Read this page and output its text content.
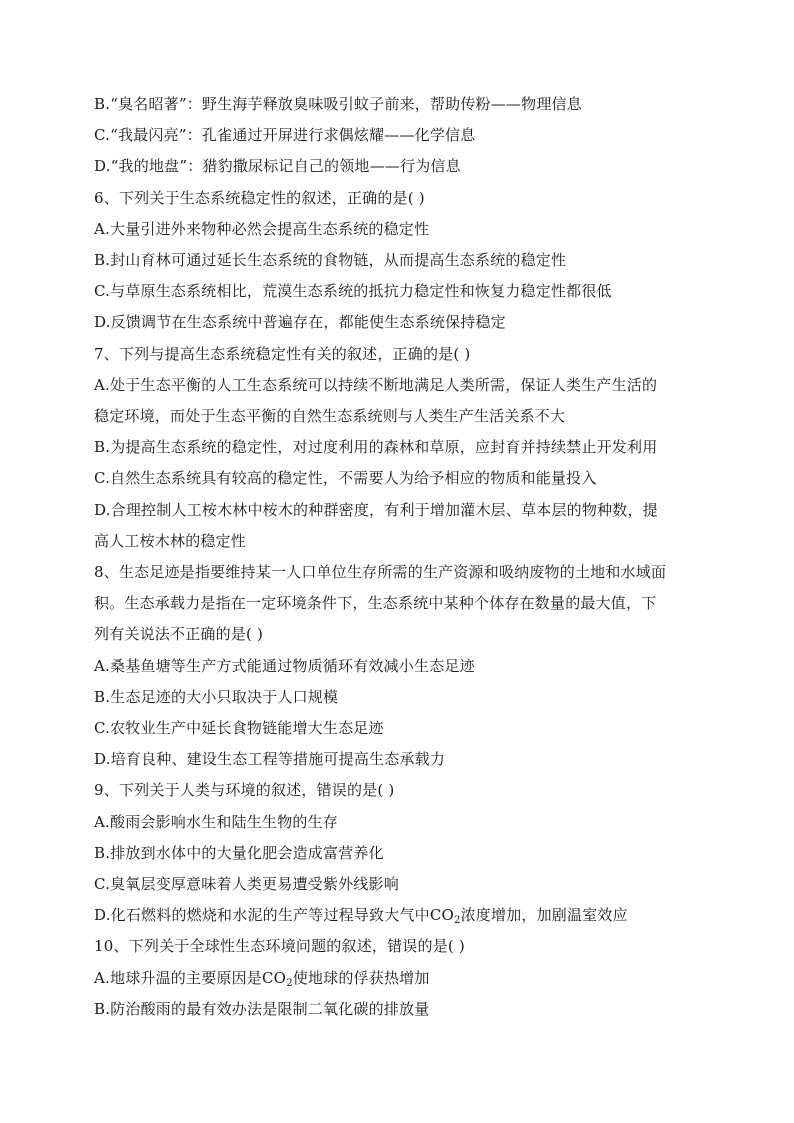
B.“臭名昭著”：野生海芋释放臭味吸引蚊子前来，帮助传粉——物理信息
C.“我最闪亮”：孔雀通过开屏进行求偶炫耀——化学信息
D.“我的地盘”：猎豹撒尿标记自己的领地——行为信息
6、下列关于生态系统稳定性的叙述，正确的是( )
A.大量引进外来物种必然会提高生态系统的稳定性
B.封山育林可通过延长生态系统的食物链，从而提高生态系统的稳定性
C.与草原生态系统相比，荒漠生态系统的抵抗力稳定性和恢复力稳定性都很低
D.反馈调节在生态系统中普遍存在，都能使生态系统保持稳定
7、下列与提高生态系统稳定性有关的叙述，正确的是( )
A.处于生态平衡的人工生态系统可以持续不断地满足人类所需，保证人类生产生活的
稳定环境，而处于生态平衡的自然生态系统则与人类生产生活关系不大
B.为提高生态系统的稳定性，对过度利用的森林和草原，应封育并持续禁止开发利用
C.自然生态系统具有较高的稳定性，不需要人为给予相应的物质和能量投入
D.合理控制人工桉木林中桉木的种群密度，有利于增加灌木层、草本层的物种数，提
高人工桉木林的稳定性
8、生态足迹是指要维持某一人口单位生存所需的生产资源和吸纳废物的土地和水域面
积。生态承载力是指在一定环境条件下，生态系统中某种个体存在数量的最大值，下
列有关说法不正确的是( )
A.桑基鱼塘等生产方式能通过物质循环有效减小生态足迹
B.生态足迹的大小只取决于人口规模
C.农牧业生产中延长食物链能增大生态足迹
D.培育良种、建设生态工程等措施可提高生态承载力
9、下列关于人类与环境的叙述，错误的是( )
A.酸雨会影响水生和陆生生物的生存
B.排放到水体中的大量化肥会造成富营养化
C.臭氧层变厚意味着人类更易遭受紫外线影响
D.化石燃料的燃烧和水泥的生产等过程导致大气中$CO_2$浓度增加，加剧温室效应
10、下列关于全球性生态环境问题的叙述，错误的是( )
A.地球升温的主要原因是$CO_2$使地球的俘获热增加
B.防治酸雨的最有效办法是限制二氧化碳的排放量
